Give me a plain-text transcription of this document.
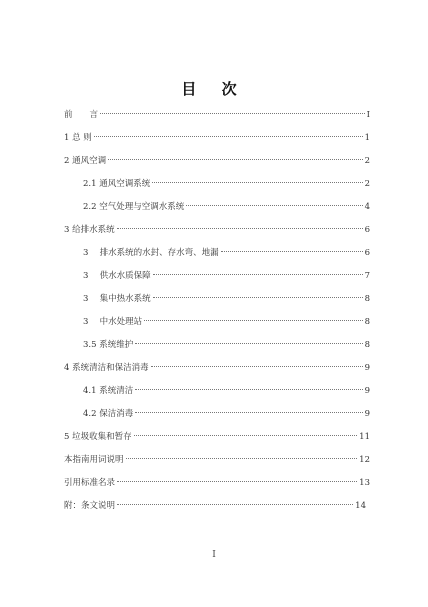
目 次
前　　言	I
1 总 则	1
2 通风空调	2
2.1 通风空调系统	2
2.2 空气处理与空调水系统	4
3 给排水系统	6
3 　排水系统的水封、存水弯、地漏	6
3 　供水水质保障	7
3 　集中热水系统	8
3 　中水处理站	8
3.5 系统维护	8
4 系统清洁和保洁消毒	9
4.1 系统清洁	9
4.2 保洁消毒	9
5 垃圾收集和暂存	11
本指南用词说明	12
引用标准名录	13
附：条文说明	14
I
